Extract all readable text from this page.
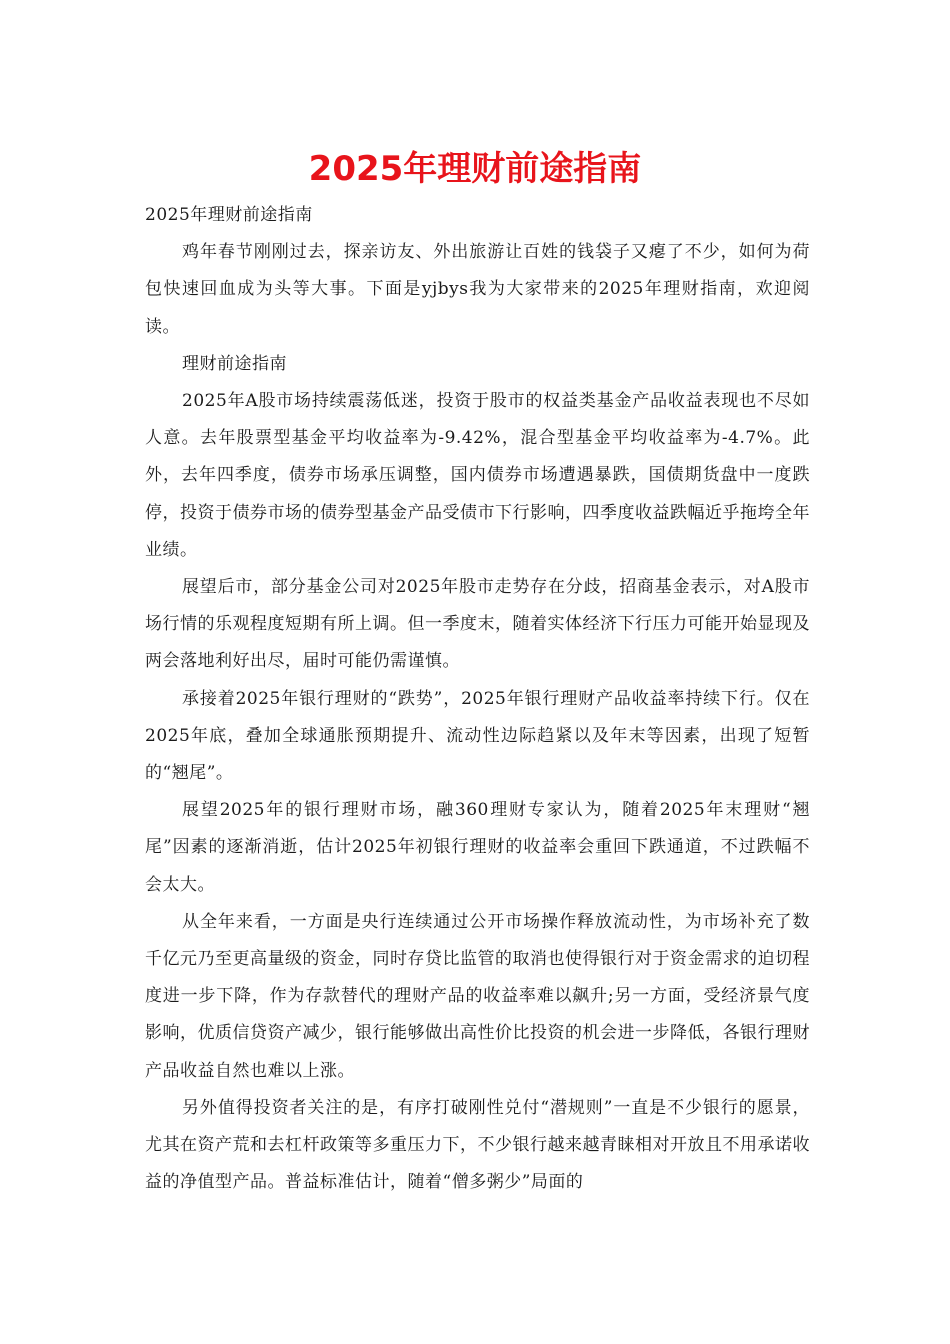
2025年理财前途指南

2025年理财前途指南

鸡年春节刚刚过去，探亲访友、外出旅游让百姓的钱袋子又瘪了不少，如何为荷包快速回血成为头等大事。下面是yjbys我为大家带来的2025年理财指南，欢迎阅读。

理财前途指南

2025年A股市场持续震荡低迷，投资于股市的权益类基金产品收益表现也不尽如人意。去年股票型基金平均收益率为-9.42%，混合型基金平均收益率为-4.7%。此外，去年四季度，债券市场承压调整，国内债券市场遭遇暴跌，国债期货盘中一度跌停，投资于债券市场的债券型基金产品受债市下行影响，四季度收益跌幅近乎拖垮全年业绩。

展望后市，部分基金公司对2025年股市走势存在分歧，招商基金表示，对A股市场行情的乐观程度短期有所上调。但一季度末，随着实体经济下行压力可能开始显现及两会落地利好出尽，届时可能仍需谨慎。

承接着2025年银行理财的“跌势”，2025年银行理财产品收益率持续下行。仅在2025年底，叠加全球通胀预期提升、流动性边际趋紧以及年末等因素，出现了短暂的“翘尾”。

展望2025年的银行理财市场，融360理财专家认为，随着2025年末理财“翘尾”因素的逐渐消逝，估计2025年初银行理财的收益率会重回下跌通道，不过跌幅不会太大。

从全年来看，一方面是央行连续通过公开市场操作释放流动性，为市场补充了数千亿元乃至更高量级的资金，同时存贷比监管的取消也使得银行对于资金需求的迫切程度进一步下降，作为存款替代的理财产品的收益率难以飙升;另一方面，受经济景气度影响，优质信贷资产减少，银行能够做出高性价比投资的机会进一步降低，各银行理财产品收益自然也难以上涨。

另外值得投资者关注的是，有序打破刚性兑付“潜规则”一直是不少银行的愿景，尤其在资产荒和去杠杆政策等多重压力下，不少银行越来越青睐相对开放且不用承诺收益的净值型产品。普益标准估计，随着“僧多粥少”局面的
